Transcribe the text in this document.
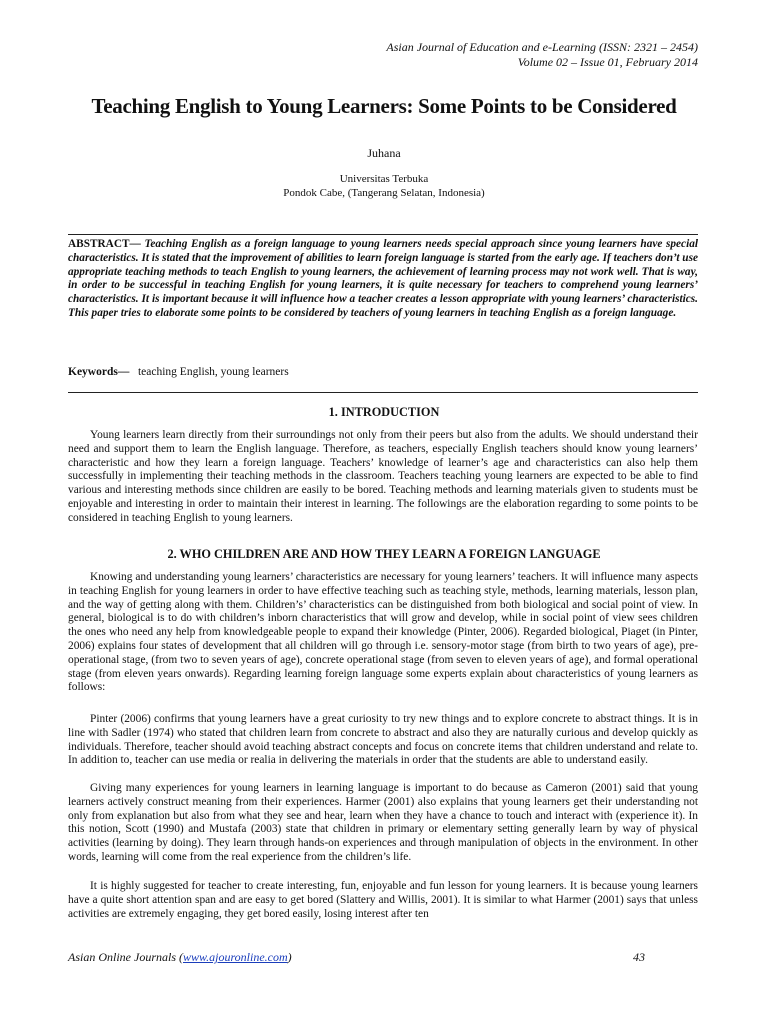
Asian Journal of Education and e-Learning (ISSN: 2321 – 2454)
Volume 02 – Issue 01, February 2014
Teaching English to Young Learners: Some Points to be Considered
Juhana
Universitas Terbuka
Pondok Cabe, (Tangerang Selatan, Indonesia)
ABSTRACT— Teaching English as a foreign language to young learners needs special approach since young learners have special characteristics. It is stated that the improvement of abilities to learn foreign language is started from the early age. If teachers don’t use appropriate teaching methods to teach English to young learners, the achievement of learning process may not work well. That is way, in order to be successful in teaching English for young learners, it is quite necessary for teachers to comprehend young learners’ characteristics. It is important because it will influence how a teacher creates a lesson appropriate with young learners’ characteristics. This paper tries to elaborate some points to be considered by teachers of young learners in teaching English as a foreign language.
Keywords— teaching English, young learners
1. INTRODUCTION

Young learners learn directly from their surroundings not only from their peers but also from the adults. We should understand their need and support them to learn the English language. Therefore, as teachers, especially English teachers should know young learners’ characteristic and how they learn a foreign language. Teachers’ knowledge of learner’s age and characteristics can also help them successfully in implementing their teaching methods in the classroom. Teachers teaching young learners are expected to be able to find various and interesting methods since children are easily to be bored. Teaching methods and learning materials given to students must be enjoyable and interesting in order to maintain their interest in learning. The followings are the elaboration regarding to some points to be considered in teaching English to young learners.

2. WHO CHILDREN ARE AND HOW THEY LEARN A FOREIGN LANGUAGE

Knowing and understanding young learners’ characteristics are necessary for young learners’ teachers. It will influence many aspects in teaching English for young learners in order to have effective teaching such as teaching style, methods, learning materials, lesson plan, and the way of getting along with them. Children’s’ characteristics can be distinguished from both biological and social point of view. In general, biological is to do with children’s inborn characteristics that will grow and develop, while in social point of view sees children the ones who need any help from knowledgeable people to expand their knowledge (Pinter, 2006). Regarded biological, Piaget (in Pinter, 2006) explains four states of development that all children will go through i.e. sensory-motor stage (from birth to two years of age), pre-operational stage, (from two to seven years of age), concrete operational stage (from seven to eleven years of age), and formal operational stage (from eleven years onwards). Regarding learning foreign language some experts explain about characteristics of young learners as follows:

Pinter (2006) confirms that young learners have a great curiosity to try new things and to explore concrete to abstract things. It is in line with Sadler (1974) who stated that children learn from concrete to abstract and also they are naturally curious and develop quickly as individuals. Therefore, teacher should avoid teaching abstract concepts and focus on concrete items that children understand and relate to. In addition to, teacher can use media or realia in delivering the materials in order that the students are able to understand easily.

Giving many experiences for young learners in learning language is important to do because as Cameron (2001) said that young learners actively construct meaning from their experiences. Harmer (2001) also explains that young learners get their understanding not only from explanation but also from what they see and hear, learn when they have a chance to touch and interact with (experience it). In this notion, Scott (1990) and Mustafa (2003) state that children in primary or elementary setting generally learn by way of physical activities (learning by doing). They learn through hands-on experiences and through manipulation of objects in the environment. In other words, learning will come from the real experience from the children’s life.

It is highly suggested for teacher to create interesting, fun, enjoyable and fun lesson for young learners. It is because young learners have a quite short attention span and are easy to get bored (Slattery and Willis, 2001). It is similar to what Harmer (2001) says that unless activities are extremely engaging, they get bored easily, losing interest after ten

Asian Online Journals (www.ajouronline.com)	43
